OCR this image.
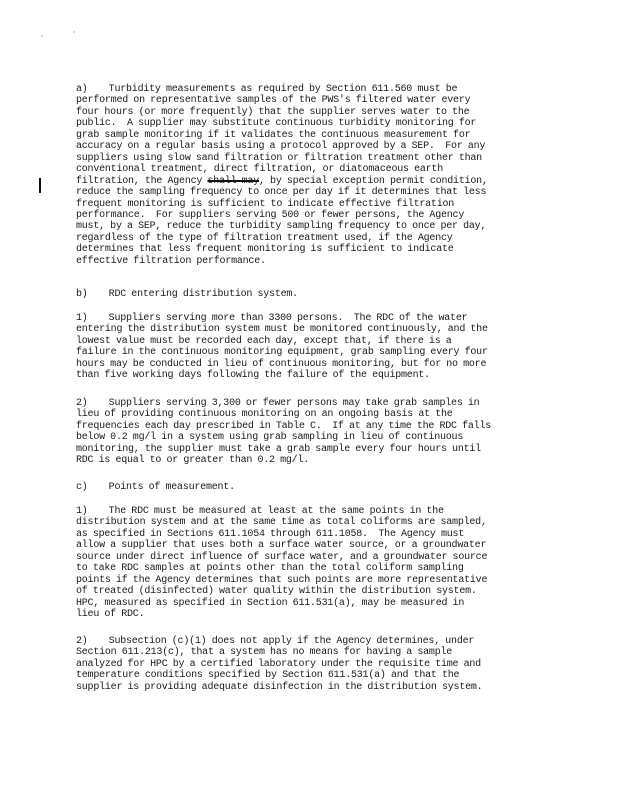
·	·

a)    Turbidity measurements as required by Section 611.560 must be
performed on representative samples of the PWS's filtered water every
four hours (or more frequently) that the supplier serves water to the
public.  A supplier may substitute continuous turbidity monitoring for
grab sample monitoring if it validates the continuous measurement for
accuracy on a regular basis using a protocol approved by a SEP.  For any
suppliers using slow sand filtration or filtration treatment other than
conventional treatment, direct filtration, or diatomaceous earth
filtration, the Agency shall may, by special exception permit condition,
reduce the sampling frequency to once per day if it determines that less
frequent monitoring is sufficient to indicate effective filtration
performance.  For suppliers serving 500 or fewer persons, the Agency
must, by a SEP, reduce the turbidity sampling frequency to once per day,
regardless of the type of filtration treatment used, if the Agency
determines that less frequent monitoring is sufficient to indicate
effective filtration performance.

b)    RDC entering distribution system.

1)    Suppliers serving more than 3300 persons.  The RDC of the water
entering the distribution system must be monitored continuously, and the
lowest value must be recorded each day, except that, if there is a
failure in the continuous monitoring equipment, grab sampling every four
hours may be conducted in lieu of continuous monitoring, but for no more
than five working days following the failure of the equipment.

2)    Suppliers serving 3,300 or fewer persons may take grab samples in
lieu of providing continuous monitoring on an ongoing basis at the
frequencies each day prescribed in Table C.  If at any time the RDC falls
below 0.2 mg/l in a system using grab sampling in lieu of continuous
monitoring, the supplier must take a grab sample every four hours until
RDC is equal to or greater than 0.2 mg/l.

c)    Points of measurement.

1)    The RDC must be measured at least at the same points in the
distribution system and at the same time as total coliforms are sampled,
as specified in Sections 611.1054 through 611.1058.  The Agency must
allow a supplier that uses both a surface water source, or a groundwater
source under direct influence of surface water, and a groundwater source
to take RDC samples at points other than the total coliform sampling
points if the Agency determines that such points are more representative
of treated (disinfected) water quality within the distribution system.
HPC, measured as specified in Section 611.531(a), may be measured in
lieu of RDC.

2)    Subsection (c)(1) does not apply if the Agency determines, under
Section 611.213(c), that a system has no means for having a sample
analyzed for HPC by a certified laboratory under the requisite time and
temperature conditions specified by Section 611.531(a) and that the
supplier is providing adequate disinfection in the distribution system.
